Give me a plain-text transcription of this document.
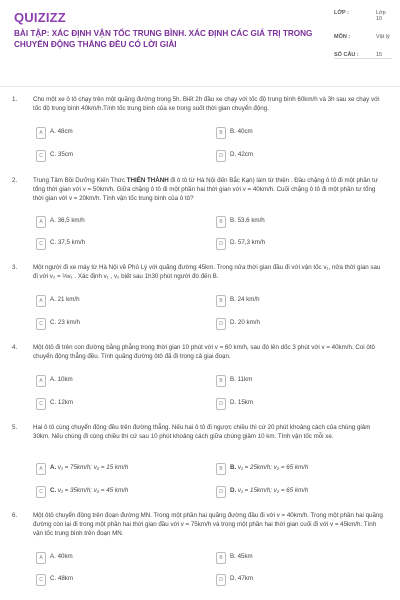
QUIZIZZ
BÀI TẬP: XÁC ĐỊNH VẬN TỐC TRUNG BÌNH. XÁC ĐỊNH CÁC GIÁ TRỊ TRONG CHUYỂN ĐỘNG THẲNG ĐỀU CÓ LỜI GIẢI
LỚP :	Lớp 10
MÔN :	Vật lý
SỐ CÂU :	15
1.	Cho một xe ô tô chạy trên một quãng đường trong 5h. Biết 2h đầu xe chạy với tốc độ trung bình 60km/h và 3h sau xe chạy với tốc độ trung bình 40km/h.Tính tốc trung bình của xe trong suốt thời gian chuyển động.
A	A. 48cm	B	B. 40cm
C	C. 35cm	D	D. 42cm
2.	Trung Tâm Bồi Dưỡng Kiến Thức THIÊN THÀNH đi ô tô từ Hà Nội đến Bắc Kạn) làm từ thiện . Đầu chặng ô tô đi một phần tư tổng thời gian với v = 50km/h. Giữa chặng ô tô đi một phần hai thời gian với v = 40km/h. Cuối chặng ô tô đi một phần tư tổng thời gian với v = 20km/h. Tính vận tốc trung bình của ô tô?
A	A. 36,5 km/h	B	B. 53,6 km/h
C	C. 37,5 km/h	D	D. 57,3 km/h
3.	Một người đi xe máy từ Hà Nội về Phủ Lý với quãng đường 45km. Trong nửa thời gian đầu đi với vận tốc v₁, nửa thời gian sau đi với v₂ = ⅔v₁ . Xác định v₁ , v₂ biết sau 1h30 phút người đó đến B.
A	A. 21 km/h	B	B. 24 km/h
C	C. 23 km/h	D	D. 20 km/h
4.	Một ôtô đi trên con đường bằng phẳng trong thời gian 10 phút với v = 60 km/h, sau đó lên dốc 3 phút với v = 40km/h. Coi ôtô chuyển động thẳng đều. Tính quãng đường ôtô đã đi trong cả giai đoạn.
A	A. 10km	B	B. 11km
C	C. 12km	D	D. 15km
5.	Hai ô tô cùng chuyển động đều trên đường thẳng. Nếu hai ô tô đi ngược chiều thì cứ 20 phút khoảng cách của chúng giảm 30km. Nếu chúng đi cùng chiều thì cứ sau 10 phút khoảng cách giữa chúng giảm 10 km. Tính vận tốc mỗi xe.
A	A. v₁ = 75km/h; v₂ = 15 km/h	B	B. v₁ = 25km/h; v₂ = 65 km/h
C	C. v₁ = 35km/h; v₂ = 45 km/h	D	D. v₁ = 15km/h; v₂ = 65 km/h
6.	Một ôtô chuyển động trên đoạn đường MN. Trong một phần hai quãng đường đầu đi với v = 40km/h. Trong một phần hai quãng đường còn lại đi trong một phần hai thời gian đầu với v = 75km/h và trong một phần hai thời gian cuối đi với v = 45km/h. Tính vận tốc trung bình trên đoạn MN.
A	A. 40km	B	B. 45km
C	C. 48km	D	D. 47km
